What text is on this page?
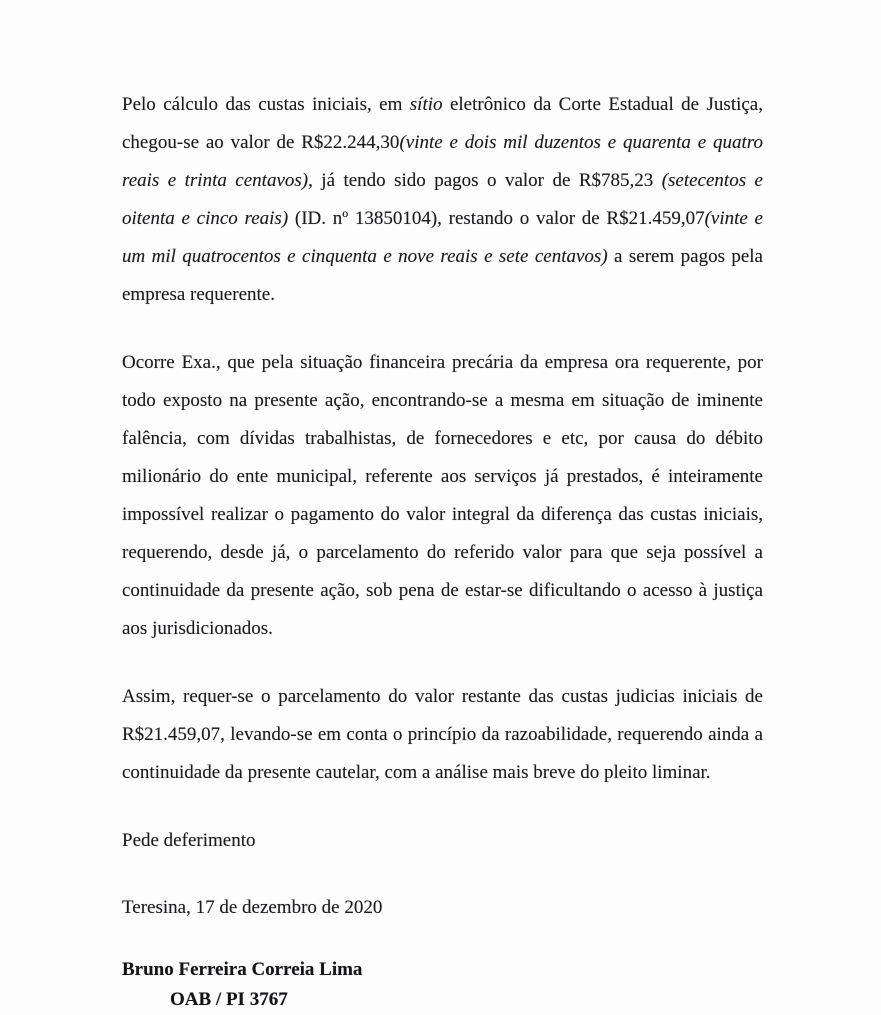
Pelo cálculo das custas iniciais, em sítio eletrônico da Corte Estadual de Justiça, chegou-se ao valor de R$22.244,30(vinte e dois mil duzentos e quarenta e quatro reais e trinta centavos), já tendo sido pagos o valor de R$785,23 (setecentos e oitenta e cinco reais) (ID. nº 13850104), restando o valor de R$21.459,07(vinte e um mil quatrocentos e cinquenta e nove reais e sete centavos) a serem pagos pela empresa requerente.

Ocorre Exa., que pela situação financeira precária da empresa ora requerente, por todo exposto na presente ação, encontrando-se a mesma em situação de iminente falência, com dívidas trabalhistas, de fornecedores e etc, por causa do débito milionário do ente municipal, referente aos serviços já prestados, é inteiramente impossível realizar o pagamento do valor integral da diferença das custas iniciais, requerendo, desde já, o parcelamento do referido valor para que seja possível a continuidade da presente ação, sob pena de estar-se dificultando o acesso à justiça aos jurisdicionados.

Assim, requer-se o parcelamento do valor restante das custas judicias iniciais de R$21.459,07, levando-se em conta o princípio da razoabilidade, requerendo ainda a continuidade da presente cautelar, com a análise mais breve do pleito liminar.

Pede deferimento

Teresina, 17 de dezembro de 2020

Bruno Ferreira Correia Lima
OAB / PI 3767
